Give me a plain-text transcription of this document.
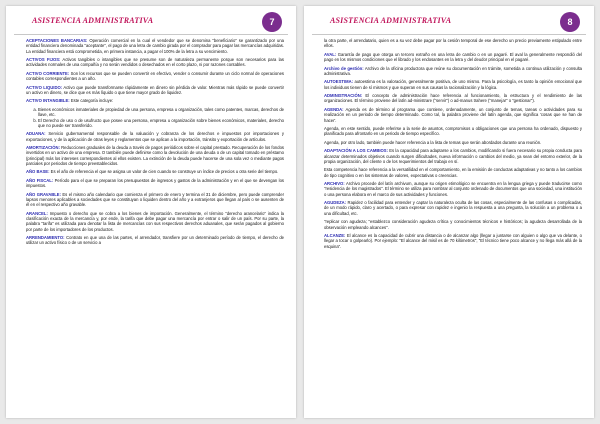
ASISTENCIA ADMINISTRATIVA	7

ACEPTACIONES BANCARIAS: Operación comercial en la cual el vendedor que se denomina "beneficiario" se garantizado por una entidad financiera denominada "aceptante", el pago de una letra de cambio girada por el comprador para pagar las mercancías adquiridas. La entidad financiera está comprometida, en primera instancia, a pagar el 100% de la letra a su vencimiento.

ACTIVOS FIJOS: Activos tangibles o intangibles que se presume son de naturaleza permanente porque son necesarios para las actividades normales de una compañía y no serán vendidos o desechados en el corto plazo, ni por razones contables.

ACTIVO CORRIENTE: Son los recursos que se pueden convertir en efectivo, vender o consumir durante un ciclo normal de operaciones contables correspondientes a un año.

ACTIVO LIQUIDO: Activo que puede transformarse rápidamente en dinero sin pérdida de valor. Mientras más rápido se puede convertir un activo en dinero, se dice que es más líquido o que tiene mayor grado de liquidez.

ACTIVO INTANGIBLE: Este categoría incluye:

a. Bienes económicos inmateriales de propiedad de una persona, empresa u organización, tales como patentes, marcas, derechos de llave, etc.
b. El Derecho de uso o de usufructo que posee una persona, empresa u organización sobre bienes económicos, materiales, derecho que no puede ser transferido.

ADUANA: Servicio gubernamental responsable de la valuación y cobranza de los derechos e impuestos por importaciones y exportaciones, y de la aplicación de otras leyes y reglamentos que se aplican a la importación, tránsito y exportación de artículos.

AMORTIZACIÓN: Reducciones graduales de la deuda a través de pagos periódicos sobre el capital prestado. Recuperación de los fondos invertidos en un activo de una empresa. O también puede definirse como la devolución de una deuda o de un capital tomado en préstamo (principal) más los intereses correspondientes al ellos existen. La extinción de la deuda puede hacerse de una sola vez o mediante pagos parciales por periodos de tiempo preestablecidos.

AÑO BASE: Es el año de referencia el que se asigna un valor de cien cuando se construye un índice de precios u otra serie del tiempo.

AÑO FISCAL: Período para el que se preparan los presupuestos de ingresos y gastos de la administración y en el que se devengan los impuestos.

AÑO GRAVABLE: Es el mismo año calendario que comienza el primero de enero y termina el 31 de diciembre, pero puede comprender lapsos menores aplicables a sociedades que se constituyan o liquiden dentro del año y a extranjeros que llegan al país o se ausenten de él en el respectivo año gravable.

ARANCEL: Impuesto o derecho que se cobra a los bienes de importación. Generalmente, el término "derecho arancelario" indica la clasificación exacta de la mercancía y, por ende, la tarifa que debe pagar una mercancía por entrar o salir de un país. Por su parte, la palabra "tarifa" es utilizada para denotar la lista de mercancías con sus respectivos derechos aduanales, que serán pagados al gobierno por parte de los importadores de los productos.

ARRENDAMIENTO: Contrato en que una de las partes, el arrendador, transfiere por un determinado período de tiempo, el derecho de utilizar un activo físico o de un servicio a

ASISTENCIA ADMINISTRATIVA	8

la otra parte, el arrendatario, quien es a su vez debe pagar por la cesión temporal de ese derecho un precio previamente estipulado entre ellos.

AVAL: Garantía de pago que otorga un tercero extraño en una letra de cambio o en un pagaré. El aval la generalmente respondió del pago en los mismos condiciones que el librado y los endosantes en la letra y del deudor principal en el pagaré.

Archivo de gestión: Archivo de la oficina productora que reúne su documentación en trámite, sometida a continua utilización y consulta administrativa.

AUTOESTIMA: autoestima es la valoración, generalmente positiva, de uno mismo. Para la psicología, es tanto la opinión emocional que los individuos tienen de sí mismos y que superan en sus causas la racionalización y la lógica.

ADMINISTRACIÓN: El concepto de administración hace referencia al funcionamiento, la estructura y el rendimiento de las organizaciones. El término proviene del latín ad-ministrare ("servir") o ad-manus trahere ("manejar" o "gestionar").

AGENDA: Agenda es de término al programa que contiene, ordenadamente, un conjunto de temas, tareas o actividades para su realización en un periodo de tiempo determinado. Como tal, la palabra proviene del latín agenda, que significa 'cosas que se han de hacer'.

Agenda, en este sentido, puede referirse a la serie de asuntos, compromisos u obligaciones que una persona ha ordenado, dispuesto y planificado para afrontarlo en un periodo de tiempo específico.

Agenda, por otro lado, también puede hacer referencia a la lista de temas que serán abordados durante una reunión.

ADAPTACIÓN A LOS CAMBIOS: Es la capacidad para adaptarse a los cambios, modificando si fuera necesario su propia conducta para alcanzar determinados objetivos cuando surgen dificultades, nueva información o cambios del medio, ya sean del entorno exterior, de la propia organización, del cliente o de los requerimientos del trabajo en sí.

Esta competencia hace referencia a la versatilidad en el comportamiento, en la emisión de conductas adaptativas y no tanto a los cambios de tipo cognitivo o en los sistemas de valores, expectativas o creencias.

ARCHIVO: Archivo procede del latín archivum, aunque su origen etimológico se encuentra en la lengua griega y puede traducirse como "residencia de los magistrados". El término se utiliza para nombrar al conjunto ordenado de documentos que una sociedad, una institución o una persona elabora en el marco de sus actividades y funciones.

AGUDEZA: Rapidez o facilidad para entender y captar la naturaleza oculta de las cosas, especialmente de las confusas o complicadas, de un modo rápido, claro y acertado, o para expresar con rapidez e ingenio la respuesta a una pregunta, la solución a un problema o a una dificultad, etc.

"replicar con agudeza; "establezco consideración agudeza crítica y conocimientos técnicos e históricos; la agudeza desarrollada de la observación empleando alcances".

ALCANZE: El alcance es la capacidad de cubrir una distancia o de alcanzar algo (llegar a juntarse con alguien o algo que va delante, o llegar a tocar o golpearlo). Por ejemplo: "El alcance del misil es de 70 kilómetros", "El técnico tiene poco alcance y no llega más allá de la esquina".
